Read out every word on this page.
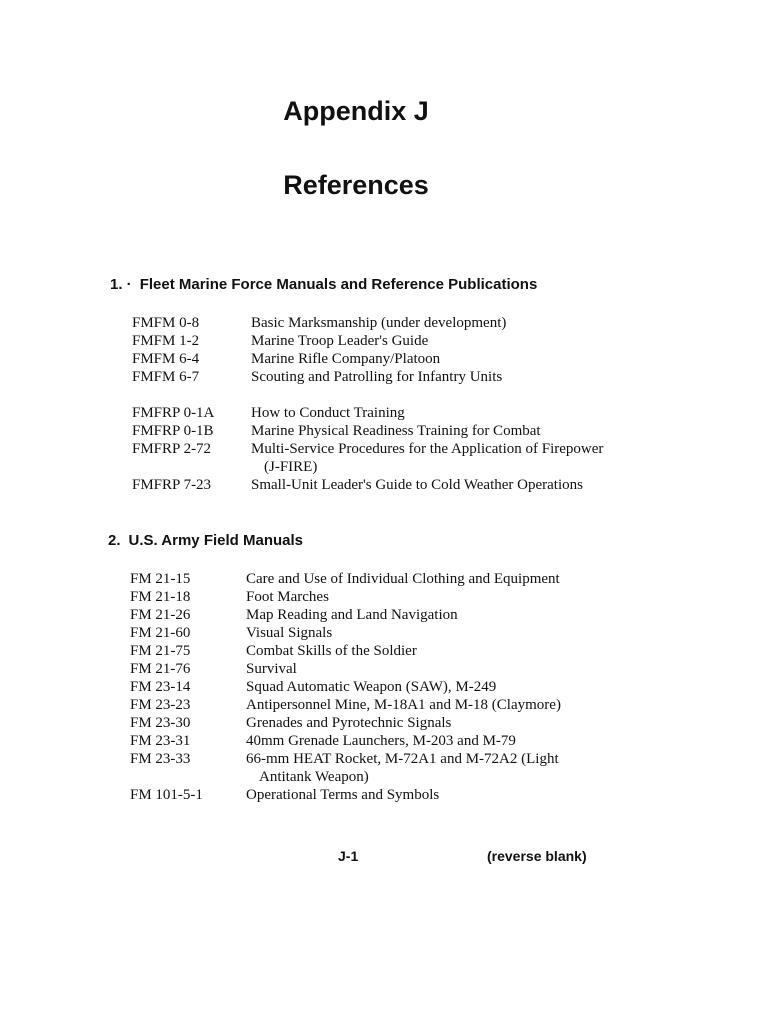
Appendix J
References
1. · Fleet Marine Force Manuals and Reference Publications
FMFM 0-8	Basic Marksmanship (under development)
FMFM 1-2	Marine Troop Leader's Guide
FMFM 6-4	Marine Rifle Company/Platoon
FMFM 6-7	Scouting and Patrolling for Infantry Units
FMFRP 0-1A How to Conduct Training
FMFRP 0-1B Marine Physical Readiness Training for Combat
FMFRP 2-72	Multi-Service Procedures for the Application of Firepower
(J-FIRE)
FMFRP 7-23	Small-Unit Leader's Guide to Cold Weather Operations
2. U.S. Army Field Manuals
FM 21-15	Care and Use of Individual Clothing and Equipment
FM 21-18	Foot Marches
FM 21-26	Map Reading and Land Navigation
FM 21-60	Visual Signals
FM 21-75	Combat Skills of the Soldier
FM 21-76	Survival
FM 23-14	Squad Automatic Weapon (SAW), M-249
FM 23-23	Antipersonnel Mine, M-18A1 and M-18 (Claymore)
FM 23-30	Grenades and Pyrotechnic Signals
FM 23-31	40mm Grenade Launchers, M-203 and M-79
FM 23-33	66-mm HEAT Rocket, M-72A1 and M-72A2 (Light
Antitank Weapon)
FM 101-5-1	Operational Terms and Symbols
J-1	(reverse blank)
